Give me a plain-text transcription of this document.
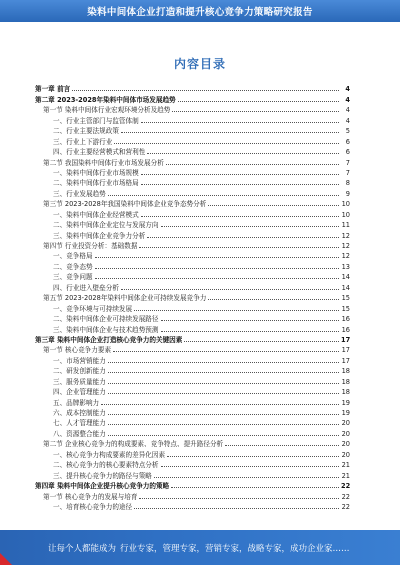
染料中间体企业打造和提升核心竞争力策略研究报告
内容目录
第一章 前言	4
第二章 2023-2028年染料中间体市场发展趋势	4
第一节 染料中间体行业宏观环境分析及趋势	4
一、行业主管部门与监管体制	4
二、行业主要法规政策	5
三、行业上下游行业	6
四、行业主要经营模式和营利性	6
第二节 我国染料中间体行业市场发展分析	7
一、染料中间体行业市场规模	7
二、染料中间体行业市场格局	8
三、行业发展趋势	9
第三节 2023-2028年我国染料中间体企业竞争态势分析	10
一、染料中间体企业经营模式	10
二、染料中间体企业定位与发展方向	11
三、染料中间体企业竞争力分析	12
第四节 行业投资分析：基础数据	12
一、竞争格局	12
二、竞争态势	13
三、竞争问题	14
四、行业进入壁垒分析	14
第五节 2023-2028年染料中间体企业可持续发展竞争力	15
一、竞争环境与可持续发展	15
二、染料中间体企业可持续发展路径	16
三、染料中间体企业与技术趋势预测	16
第三章 染料中间体企业打造核心竞争力的关键因素	17
第一节 核心竞争力要素	17
一、市场营销能力	17
二、研发创新能力	18
三、服务质量能力	18
四、企业管理能力	18
五、品牌影响力	19
六、成本控制能力	19
七、人才管理能力	20
八、资源整合能力	20
第二节 企业核心竞争力的构成要素、竞争特点、提升路径分析	20
一、核心竞争力构成要素的差异化因素	20
二、核心竞争力的核心要素特点分析	21
三、提升核心竞争力的路径与策略	21
第四章 染料中间体企业提升核心竞争力的策略	22
第一节 核心竞争力的发展与培育	22
一、培育核心竞争力的途径	22
让每个人都能成为 行业专家，管理专家，营销专家，战略专家，成功企业家……
